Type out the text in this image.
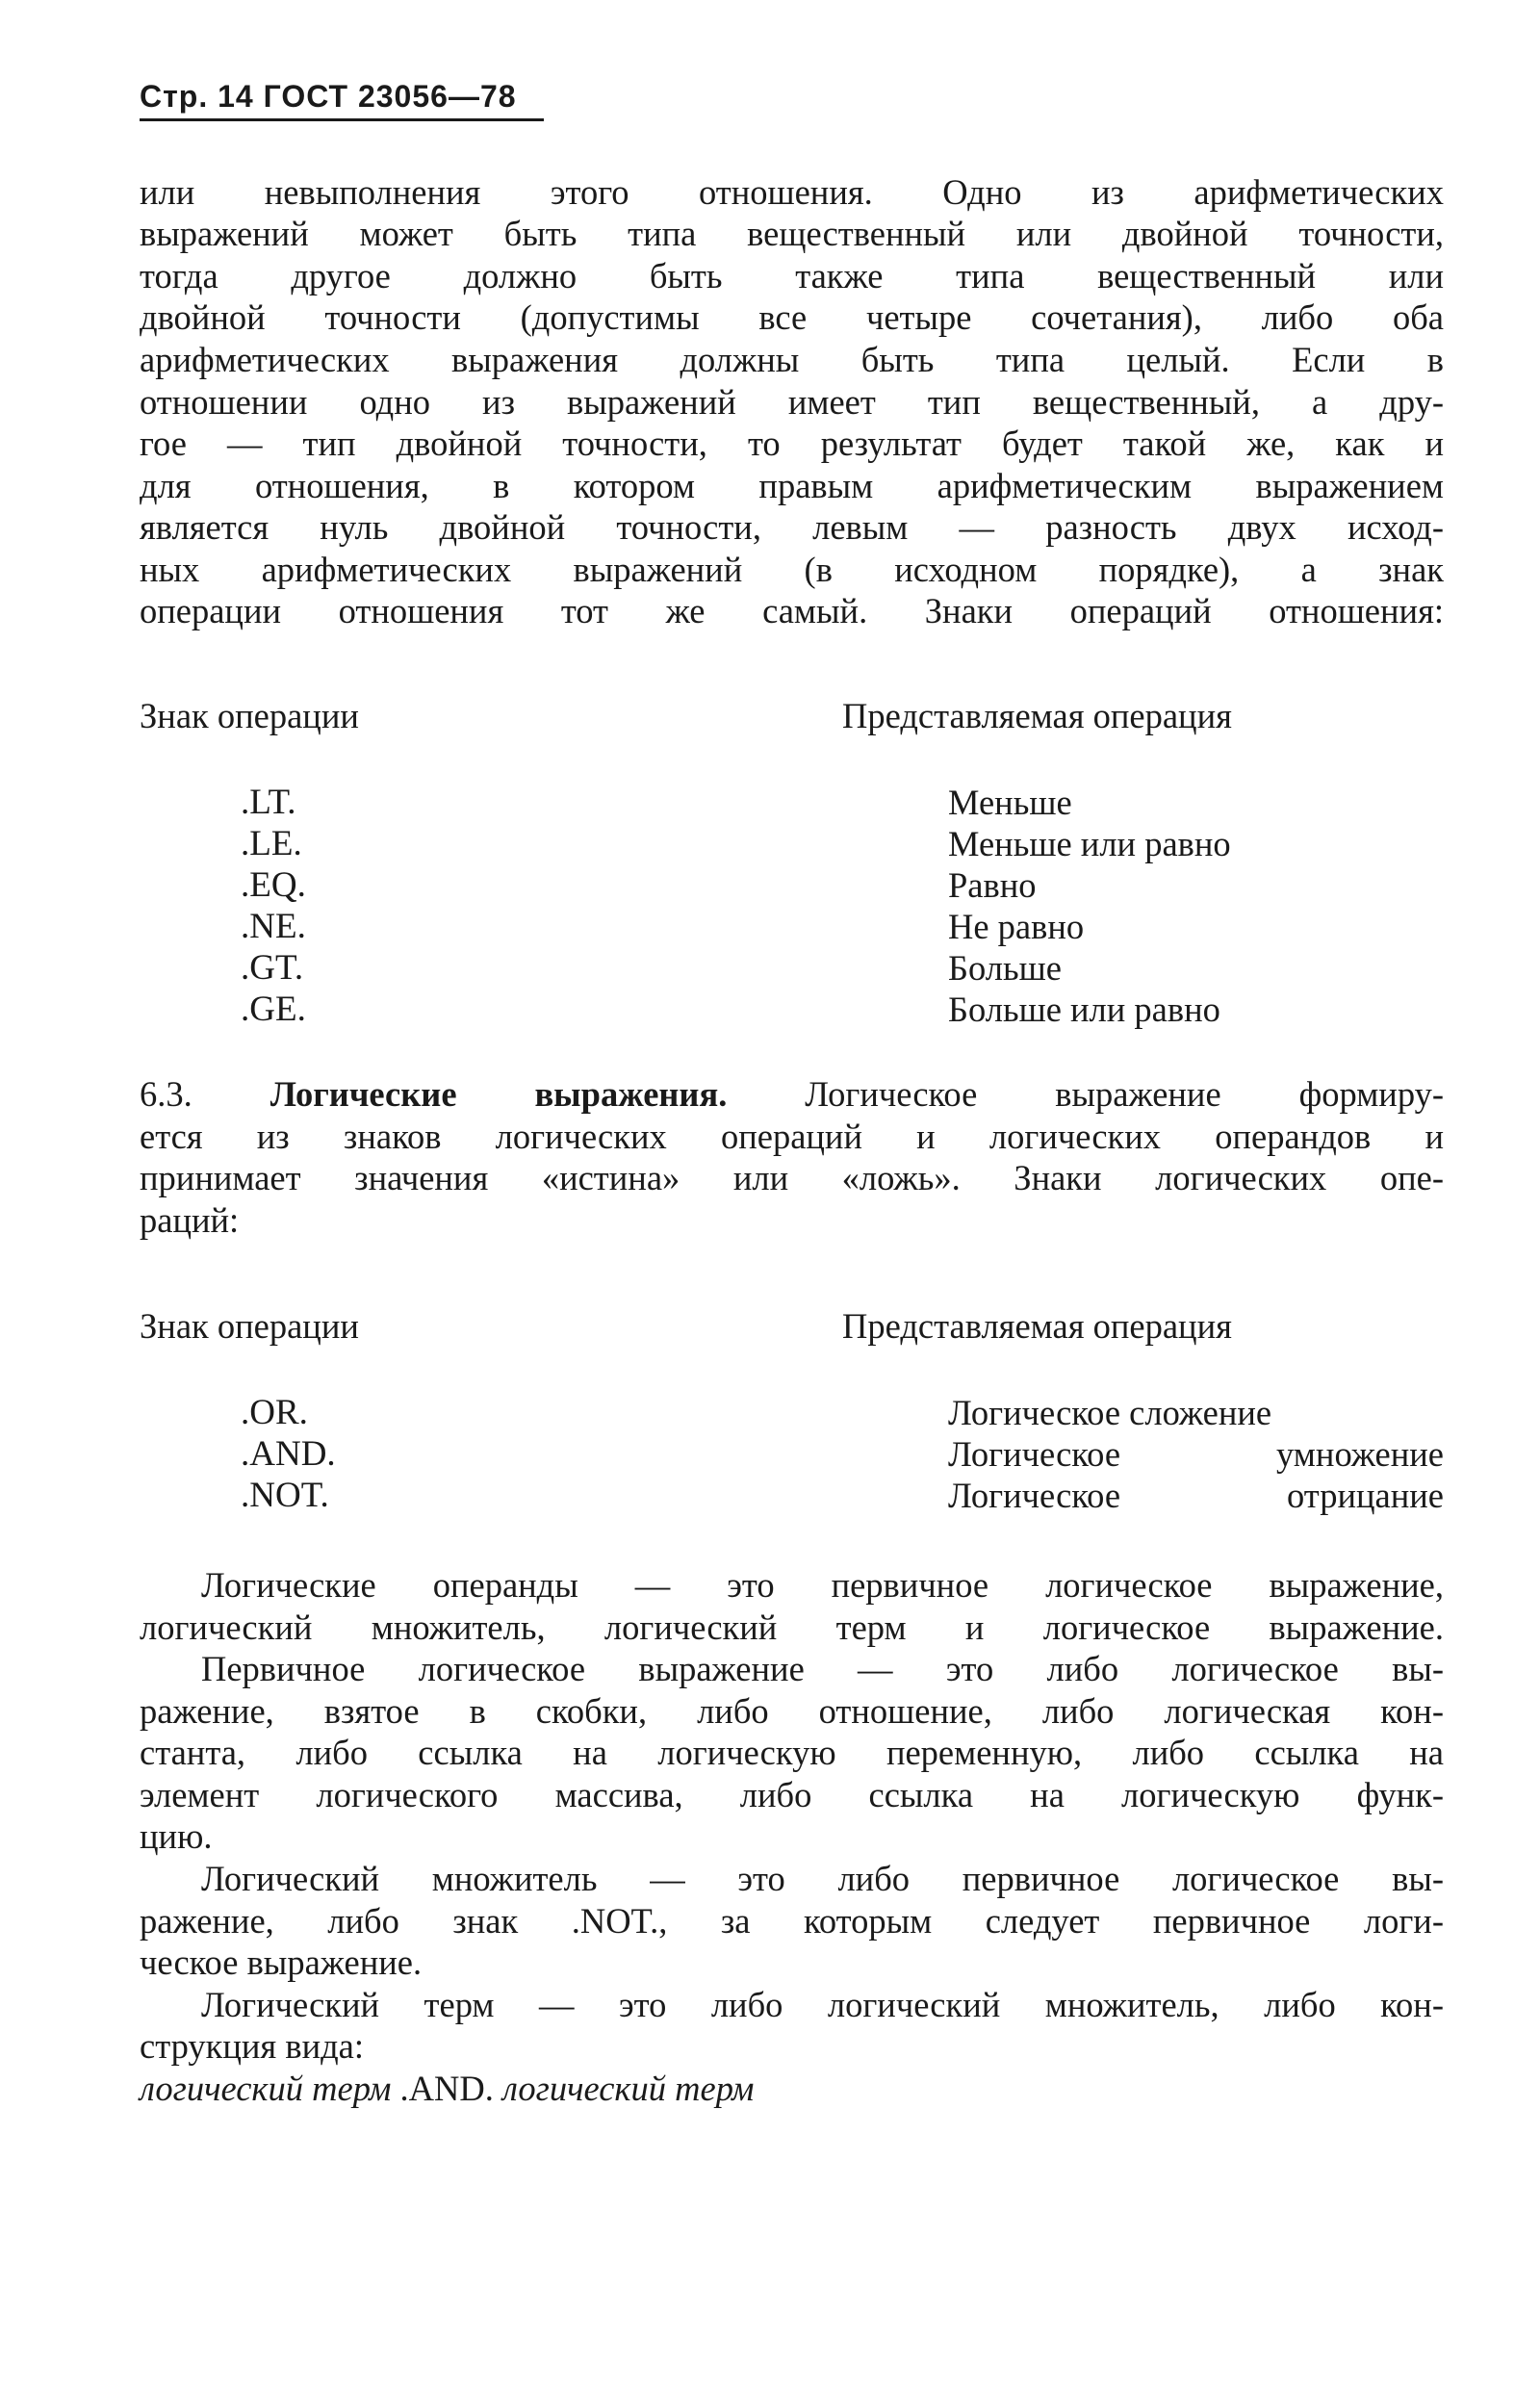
Стр. 14 ГОСТ 23056—78
или невыполнения этого отношения. Одно из арифметических
выражений может быть типа вещественный или двойной точности,
тогда другое должно быть также типа вещественный или
двойной точности (допустимы все четыре сочетания), либо оба
арифметических выражения должны быть типа целый. Если в
отношении одно из выражений имеет тип вещественный, а дру-
гое — тип двойной точности, то результат будет такой же, как и
для отношения, в котором правым арифметическим выражением
является нуль двойной точности, левым — разность двух исход-
ных арифметических выражений (в исходном порядке), а знак
операции отношения тот же самый. Знаки операций отношения:
Знак операции	Представляемая операция
.LT.	Меньше
.LE.	Меньше или равно
.EQ.	Равно
.NE.	Не равно
.GT.	Больше
.GE.	Больше или равно
6.3. Логические выражения. Логическое выражение формиру-
ется из знаков логических операций и логических операндов и
принимает значения «истина» или «ложь». Знаки логических опе-
раций:
Знак операции	Представляемая операция
.OR.	Логическое сложение
.AND.	Логическое умножение
.NOT.	Логическое отрицание
Логические операнды — это первичное логическое выражение,
логический множитель, логический терм и логическое выражение.
Первичное логическое выражение — это либо логическое вы-
ражение, взятое в скобки, либо отношение, либо логическая кон-
станта, либо ссылка на логическую переменную, либо ссылка на
элемент логического массива, либо ссылка на логическую функ-
цию.
Логический множитель — это либо первичное логическое вы-
ражение, либо знак .NOT., за которым следует первичное логи-
ческое выражение.
Логический терм — это либо логический множитель, либо кон-
струкция вида:
логический терм .AND. логический терм
